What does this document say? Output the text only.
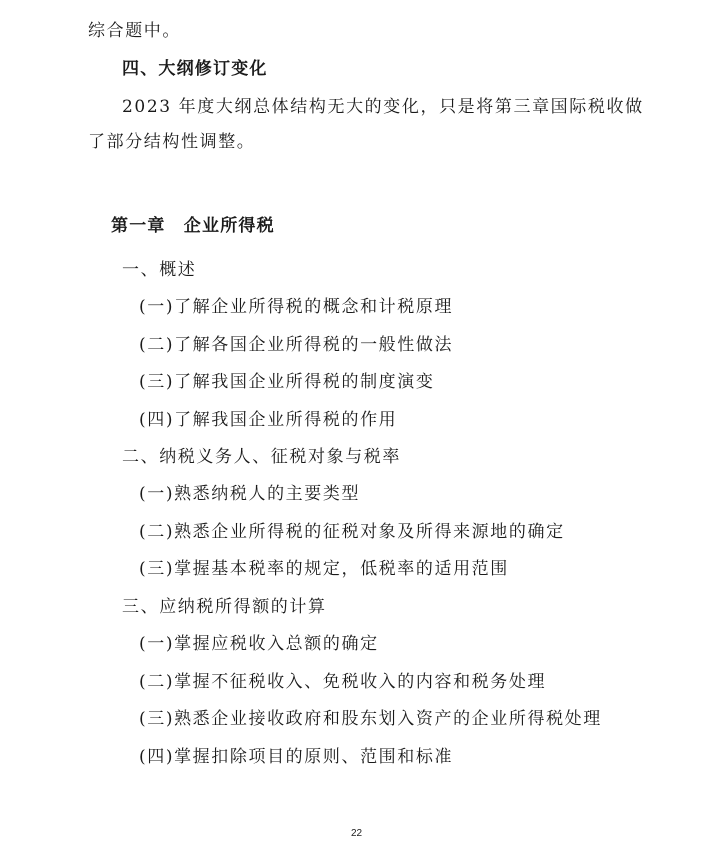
综合题中。
四、大纲修订变化
2023 年度大纲总体结构无大的变化，只是将第三章国际税收做
了部分结构性调整。
第一章　企业所得税
一、概述
(一)了解企业所得税的概念和计税原理
(二)了解各国企业所得税的一般性做法
(三)了解我国企业所得税的制度演变
(四)了解我国企业所得税的作用
二、纳税义务人、征税对象与税率
(一)熟悉纳税人的主要类型
(二)熟悉企业所得税的征税对象及所得来源地的确定
(三)掌握基本税率的规定，低税率的适用范围
三、应纳税所得额的计算
(一)掌握应税收入总额的确定
(二)掌握不征税收入、免税收入的内容和税务处理
(三)熟悉企业接收政府和股东划入资产的企业所得税处理
(四)掌握扣除项目的原则、范围和标准
22
